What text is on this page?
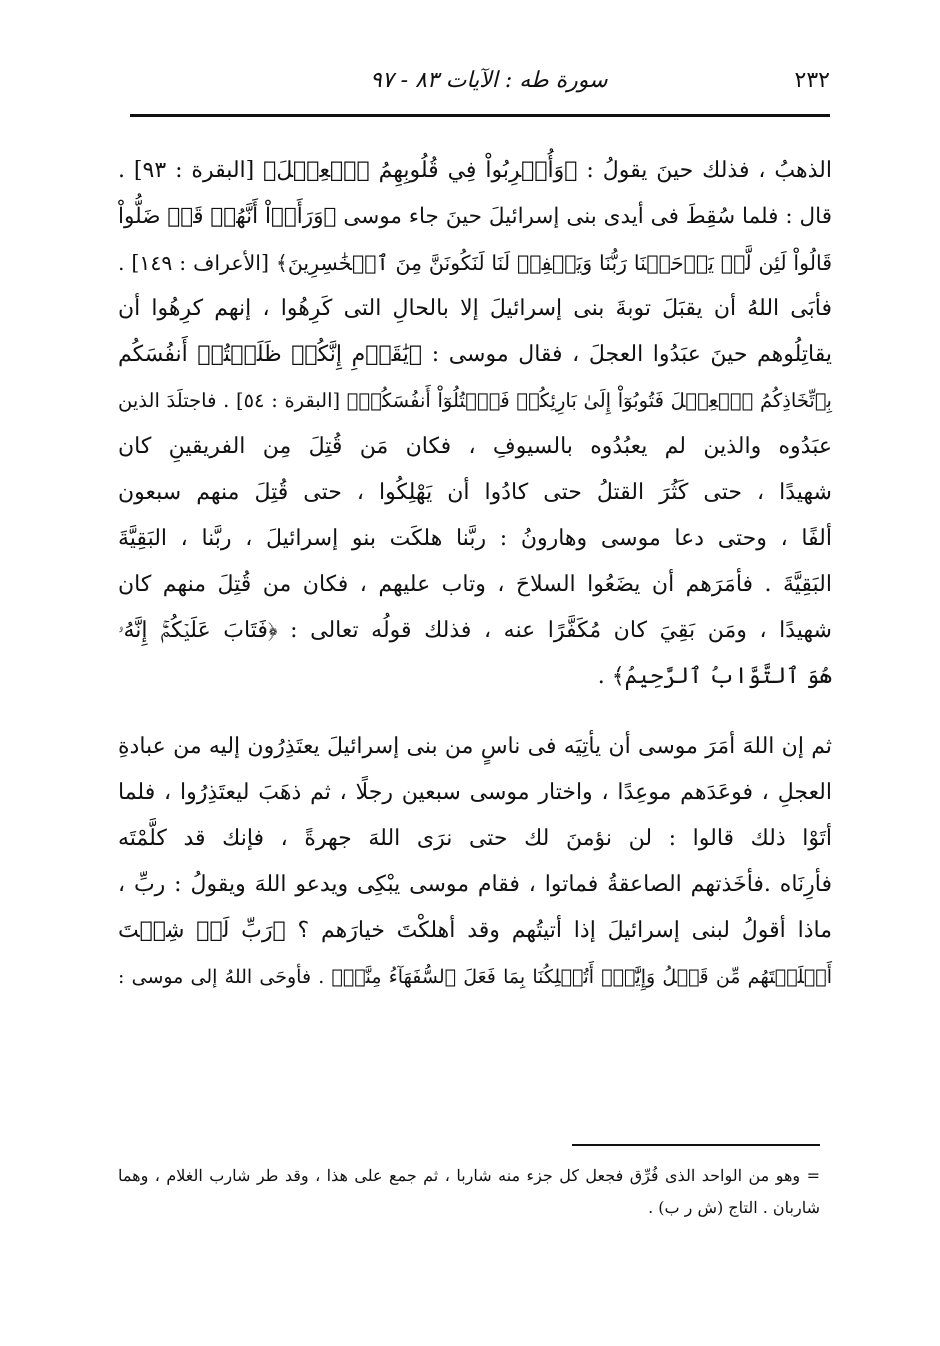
٢٣٢
سورة طه : الآيات ٨٣ - ٩٧
الذهبُ ، فذلك حينَ يقولُ : ﴿وَأُشۡرِبُواْ فِي قُلُوبِهِمُ ٱلۡعِجۡلَ﴾ [البقرة : ٩٣] .
قال : فلما سُقِطَ فى أيدى بنى إسرائيلَ حينَ جاء موسى ﴿وَرَأَوۡاْ أَنَّهُمۡ قَدۡ ضَلُّواْ
قَالُواْ لَئِن لَّمۡ يَرۡحَمۡنَا رَبُّنَا وَيَغۡفِرۡ لَنَا لَنَكُونَنَّ مِنَ ٱلۡخَٰسِرِينَ﴾ [الأعراف : ١٤٩] .
فأبَى اللهُ أن يقبَلَ توبةَ بنى إسرائيلَ إلا بالحالِ التى كَرِهُوا ، إنهم كرِهُوا أن
يقاتِلُوهم حينَ عبَدُوا العجلَ ، فقال موسى : ﴿يَٰقَوۡمِ إِنَّكُمۡ ظَلَمۡتُمۡ أَنفُسَكُم
بِٱتِّخَاذِكُمُ ٱلۡعِجۡلَ فَتُوبُوٓاْ إِلَىٰ بَارِئِكُمۡ فَٱقۡتُلُوٓاْ أَنفُسَكُمۡ﴾ [البقرة : ٥٤] . فاجتلَدَ الذين
عبَدُوه والذين لم يعبُدُوه بالسيوفِ ، فكان مَن قُتِلَ مِن الفريقينِ كان
شهيدًا ، حتى كَثُرَ القتلُ حتى كادُوا أن يَهْلِكُوا ، حتى قُتِلَ منهم سبعون
ألفًا ، وحتى دعا موسى وهارونُ : ربَّنا هلكَت بنو إسرائيلَ ، ربَّنا ، البَقِيَّةَ
البَقِيَّةَ . فأمَرَهم أن يضَعُوا السلاحَ ، وتاب عليهم ، فكان من قُتِلَ منهم كان
شهيدًا ، ومَن بَقِيَ كان مُكَفَّرًا عنه ، فذلك قولُه تعالى : ﴿فَتَابَ عَلَيۡكُمۡۚ إِنَّهُۥ
هُوَ ٱلتَّوَّابُ ٱلرَّحِيمُ﴾ .
ثم إن اللهَ أمَرَ موسى أن يأتِيَه فى ناسٍ من بنى إسرائيلَ يعتَذِرُون إليه من عبادةِ
العجلِ ، فوعَدَهم موعِدًا ، واختار موسى سبعين رجلًا ، ثم ذهَبَ ليعتَذِرُوا ، فلما
أتَوْا ذلك قالوا : لن نؤمنَ لك حتى نرَى اللهَ جهرةً ، فإنك قد كلَّمْتَه
فأرِنَاه .فأخَذتهم الصاعقةُ فماتوا ، فقام موسى يبْكِى ويدعو اللهَ ويقولُ : ربِّ ،
ماذا أقولُ لبنى إسرائيلَ إذا أتيتُهم وقد أهلكْتَ خيارَهم ؟ ﴿رَبِّ لَوۡ شِئۡتَ
أَهۡلَكۡتَهُم مِّن قَبۡلُ وَإِيَّٰيَۖ أَتُهۡلِكُنَا بِمَا فَعَلَ ٱلسُّفَهَآءُ مِنَّآۖ﴾ . فأوحَى اللهُ إلى موسى :
= وهو من الواحد الذى فُرِّق فجعل كل جزء منه شاربا ، ثم جمع على هذا ، وقد طر شارب الغلام ، وهما
شاربان . التاج (ش ر ب) .
